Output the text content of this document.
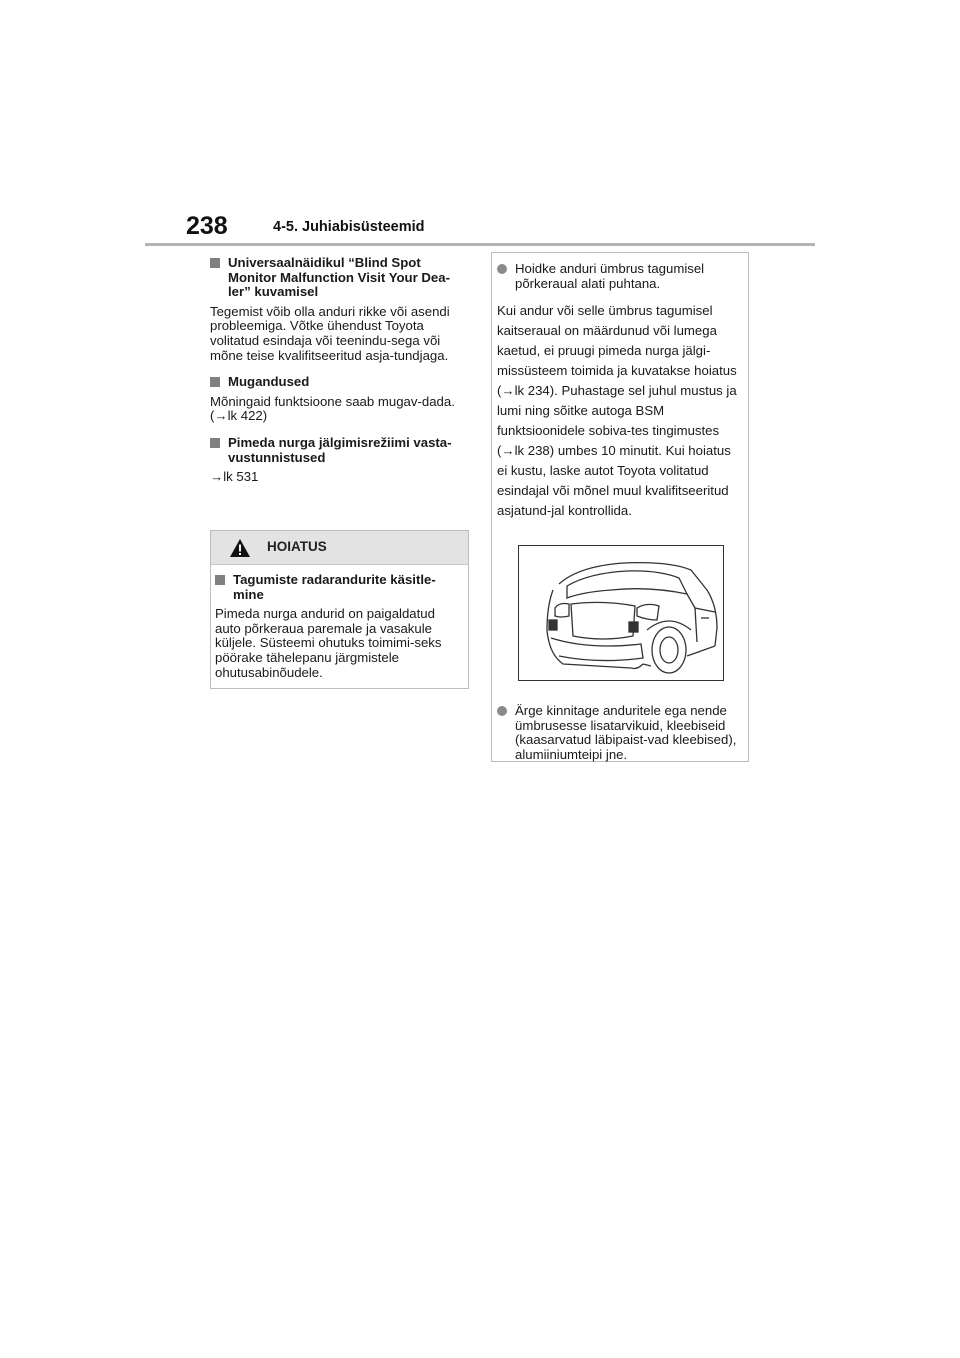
238	4-5. Juhiabisüsteemid
Universaalnäidikul “Blind Spot Monitor Malfunction Visit Your Dea-ler” kuvamisel

Tegemist võib olla anduri rikke või asendi probleemiga. Võtke ühendust Toyota volitatud esindaja või teenindu-sega või mõne teise kvalifitseeritud asja-tundjaga.

Mugandused

Mõningaid funktsioone saab mugav-dada. (→lk 422)

Pimeda nurga jälgimisrežiimi vasta-vustunnistused

→lk 531

HOIATUS
Tagumiste radarandurite käsitle-mine

Pimeda nurga andurid on paigaldatud auto põrkeraua paremale ja vasakule küljele. Süsteemi ohutuks toimimi-seks pöörake tähelepanu järgmistele ohutusabinõudele.

Hoidke anduri ümbrus tagumisel põrkeraual alati puhtana.

Kui andur või selle ümbrus tagumisel kaitseraual on määrdunud või lumega kaetud, ei pruugi pimeda nurga jälgi-missüsteem toimida ja kuvatakse hoiatus (→lk 234). Puhastage sel juhul mustus ja lumi ning sõitke autoga BSM funktsioonidele sobiva-tes tingimustes (→lk 238) umbes 10 minutit. Kui hoiatus ei kustu, laske autot Toyota volitatud esindajal või mõnel muul kvalifitseeritud asjatund-jal kontrollida.

Ärge kinnitage anduritele ega nende ümbrusesse lisatarvikuid, kleebiseid (kaasarvatud läbipaist-vad kleebised), alumiiniumteipi jne.
